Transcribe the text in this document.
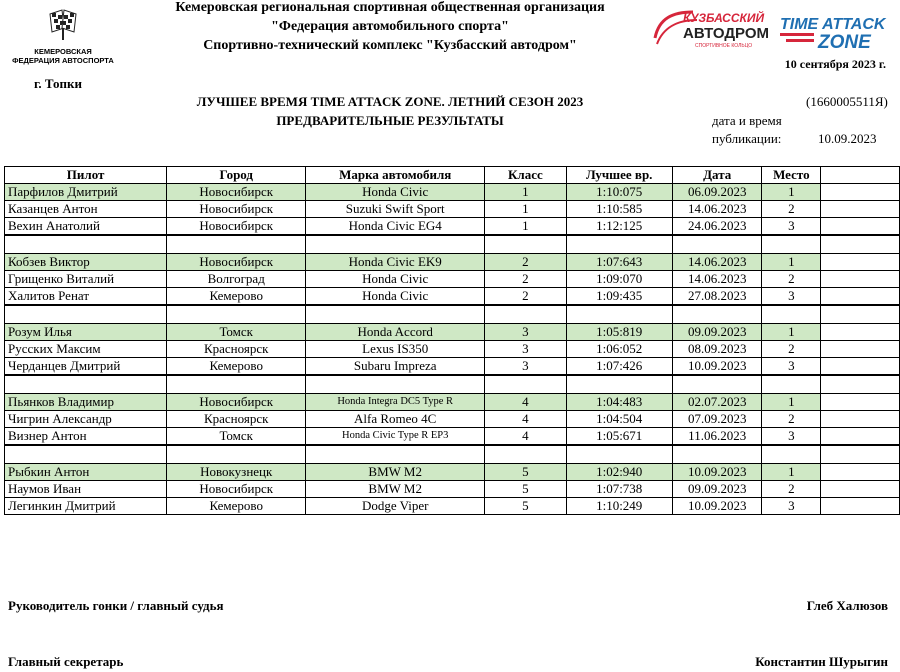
КЕМЕРОВСКАЯ
ФЕДЕРАЦИЯ АВТОСПОРТА
Кемеровская региональная спортивная общественная организация
"Федерация автомобильного спорта"
Спортивно-технический комплекс "Кузбасский автодром"
КУЗБАССКИЙ
АВТОДРОМ
СПОРТИВНОЕ КОЛЬЦО
TIME ATTACK
ZONE
10 сентября 2023 г.
г. Топки
ЛУЧШЕЕ ВРЕМЯ TIME ATTACK ZONE. ЛЕТНИЙ СЕЗОН 2023
ПРЕДВАРИТЕЛЬНЫЕ РЕЗУЛЬТАТЫ
(1660005511Я)
дата и время
публикации:	10.09.2023
Пилот	Город	Марка автомобиля	Класс	Лучшее вр.	Дата	Место	
Парфилов Дмитрий	Новосибирск	Honda Civic	1	1:10:075	06.09.2023	1	
Казанцев Антон	Новосибирск	Suzuki Swift Sport	1	1:10:585	14.06.2023	2	
Вехин Анатолий	Новосибирск	Honda Civic EG4	1	1:12:125	24.06.2023	3	

Кобзев Виктор	Новосибирск	Honda Civic EK9	2	1:07:643	14.06.2023	1	
Грищенко Виталий	Волгоград	Honda Civic	2	1:09:070	14.06.2023	2	
Халитов Ренат	Кемерово	Honda Civic	2	1:09:435	27.08.2023	3	

Розум Илья	Томск	Honda Accord	3	1:05:819	09.09.2023	1	
Русских Максим	Красноярск	Lexus IS350	3	1:06:052	08.09.2023	2	
Черданцев Дмитрий	Кемерово	Subaru Impreza	3	1:07:426	10.09.2023	3	

Пьянков Владимир	Новосибирск	Honda Integra DC5 Type R	4	1:04:483	02.07.2023	1	
Чигрин Александр	Красноярск	Alfa Romeo 4C	4	1:04:504	07.09.2023	2	
Визнер Антон	Томск	Honda Civic Type R EP3	4	1:05:671	11.06.2023	3	

Рыбкин Антон	Новокузнецк	BMW M2	5	1:02:940	10.09.2023	1	
Наумов Иван	Новосибирск	BMW M2	5	1:07:738	09.09.2023	2	
Легинкин Дмитрий	Кемерово	Dodge Viper	5	1:10:249	10.09.2023	3	
Руководитель гонки / главный судья	Глеб Халюзов
Главный секретарь	Константин Шурыгин
